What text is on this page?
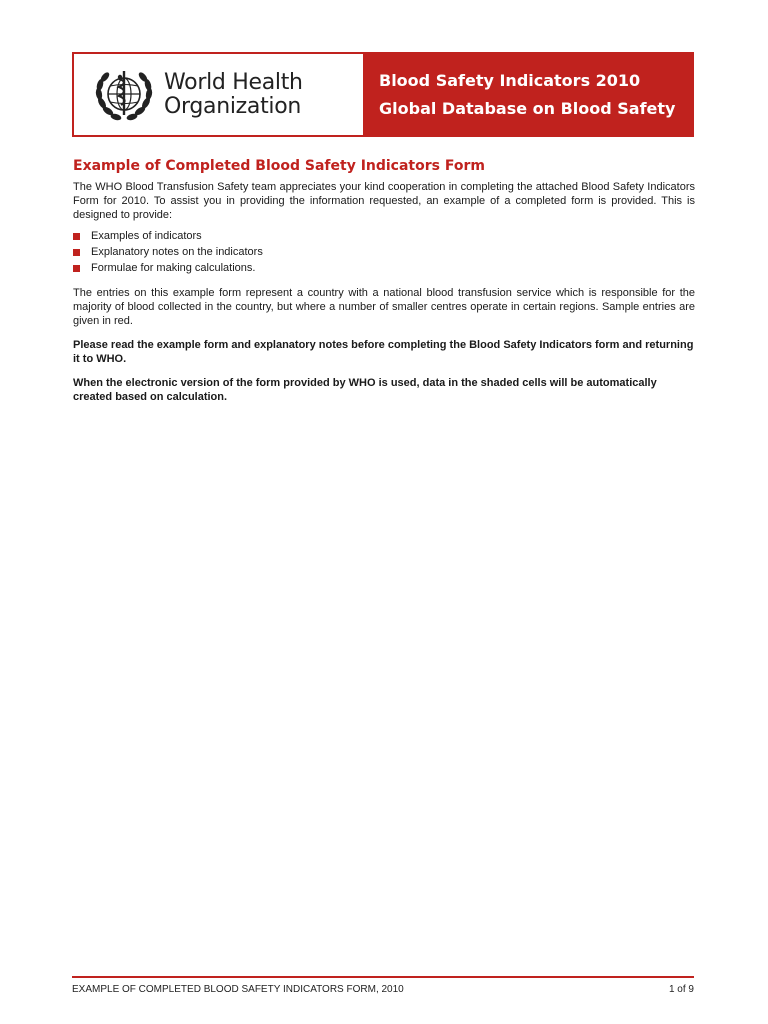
World Health
Organization
Blood Safety Indicators 2010
Global Database on Blood Safety
Example of Completed Blood Safety Indicators Form

The WHO Blood Transfusion Safety team appreciates your kind cooperation in completing the attached Blood Safety Indicators Form for 2010. To assist you in providing the information requested, an example of a completed form is provided. This is designed to provide:

Examples of indicators
Explanatory notes on the indicators
Formulae for making calculations.

The entries on this example form represent a country with a national blood transfusion service which is responsible for the majority of blood collected in the country, but where a number of smaller centres operate in certain regions. Sample entries are given in red.

Please read the example form and explanatory notes before completing the Blood Safety Indicators form and returning it to WHO.

When the electronic version of the form provided by WHO is used, data in the shaded cells will be automatically created based on calculation.

EXAMPLE OF COMPLETED BLOOD SAFETY INDICATORS FORM, 2010	1 of 9
